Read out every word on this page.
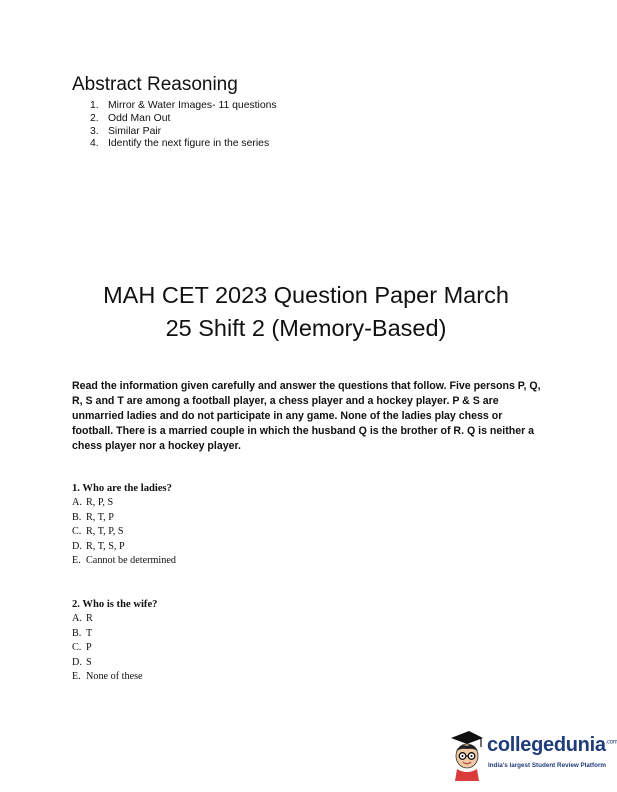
Abstract Reasoning
1. Mirror & Water Images- 11 questions
2. Odd Man Out
3. Similar Pair
4. Identify the next figure in the series
MAH CET 2023 Question Paper March
25 Shift 2 (Memory-Based)

Read the information given carefully and answer the questions that follow. Five persons P, Q, R, S and T are among a football player, a chess player and a hockey player. P & S are unmarried ladies and do not participate in any game. None of the ladies play chess or football. There is a married couple in which the husband Q is the brother of R. Q is neither a chess player nor a hockey player.

1. Who are the ladies?

A. R, P, S
B. R, T, P
C. R, T, P, S
D. R, T, S, P
E. Cannot be determined

2. Who is the wife?

A. R
B. T
C. P
D. S
E. None of these
collegedunia$^{.com}$
India's largest Student Review Platform
